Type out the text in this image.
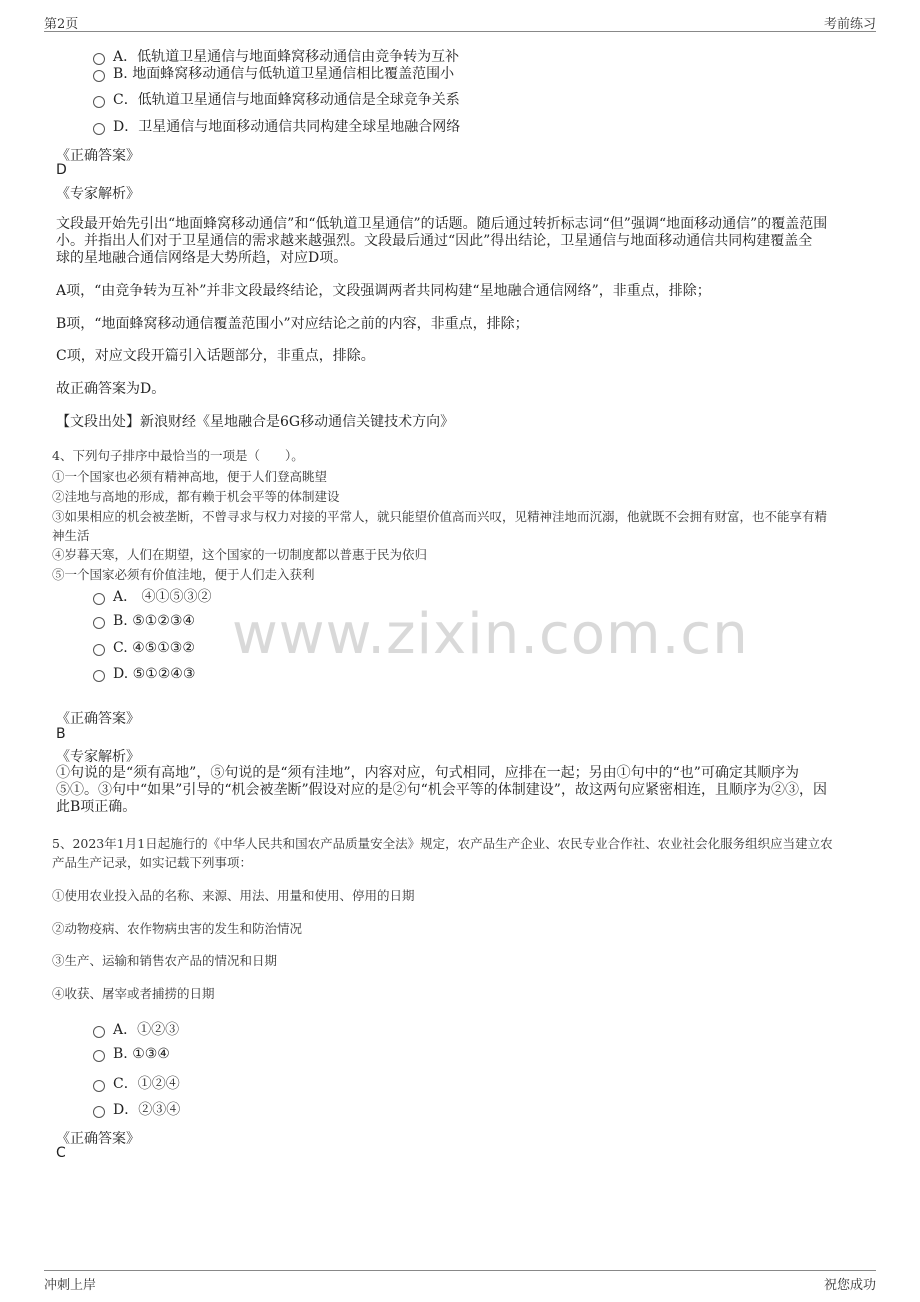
第2页	考前练习
www.zixin.com.cn
A．低轨道卫星通信与地面蜂窝移动通信由竞争转为互补
B. 地面蜂窝移动通信与低轨道卫星通信相比覆盖范围小
C．低轨道卫星通信与地面蜂窝移动通信是全球竞争关系
D．卫星通信与地面移动通信共同构建全球星地融合网络
《正确答案》
D
《专家解析》
文段最开始先引出“地面蜂窝移动通信”和“低轨道卫星通信”的话题。随后通过转折标志词“但”强调“地面移动通信”的覆盖范围
小。并指出人们对于卫星通信的需求越来越强烈。文段最后通过“因此”得出结论，卫星通信与地面移动通信共同构建覆盖全
球的星地融合通信网络是大势所趋，对应D项。
A项，“由竞争转为互补”并非文段最终结论，文段强调两者共同构建“星地融合通信网络”，非重点，排除；
B项，“地面蜂窝移动通信覆盖范围小”对应结论之前的内容，非重点，排除；
C项，对应文段开篇引入话题部分，非重点，排除。
故正确答案为D。
【文段出处】新浪财经《星地融合是6G移动通信关键技术方向》
4、下列句子排序中最恰当的一项是（　　）。
①一个国家也必须有精神高地，便于人们登高眺望
②洼地与高地的形成，都有赖于机会平等的体制建设
③如果相应的机会被垄断，不曾寻求与权力对接的平常人，就只能望价值高而兴叹，见精神洼地而沉溺，他就既不会拥有财富，也不能享有精
神生活
④岁暮天寒，人们在期望，这个国家的一切制度都以普惠于民为依归
⑤一个国家必须有价值洼地，便于人们走入获利
A． ④①⑤③②
B. ⑤①②③④
C. ④⑤①③②
D. ⑤①②④③
《正确答案》
B
《专家解析》
①句说的是“须有高地”，⑤句说的是“须有洼地”，内容对应，句式相同，应排在一起；另由①句中的“也”可确定其顺序为
⑤①。③句中“如果”引导的“机会被垄断”假设对应的是②句“机会平等的体制建设”，故这两句应紧密相连，且顺序为②③，因
此B项正确。
5、2023年1月1日起施行的《中华人民共和国农产品质量安全法》规定，农产品生产企业、农民专业合作社、农业社会化服务组织应当建立农
产品生产记录，如实记载下列事项：
①使用农业投入品的名称、来源、用法、用量和使用、停用的日期
②动物疫病、农作物病虫害的发生和防治情况
③生产、运输和销售农产品的情况和日期
④收获、屠宰或者捕捞的日期
A．①②③
B. ①③④
C．①②④
D．②③④
《正确答案》
C
冲刺上岸	祝您成功
